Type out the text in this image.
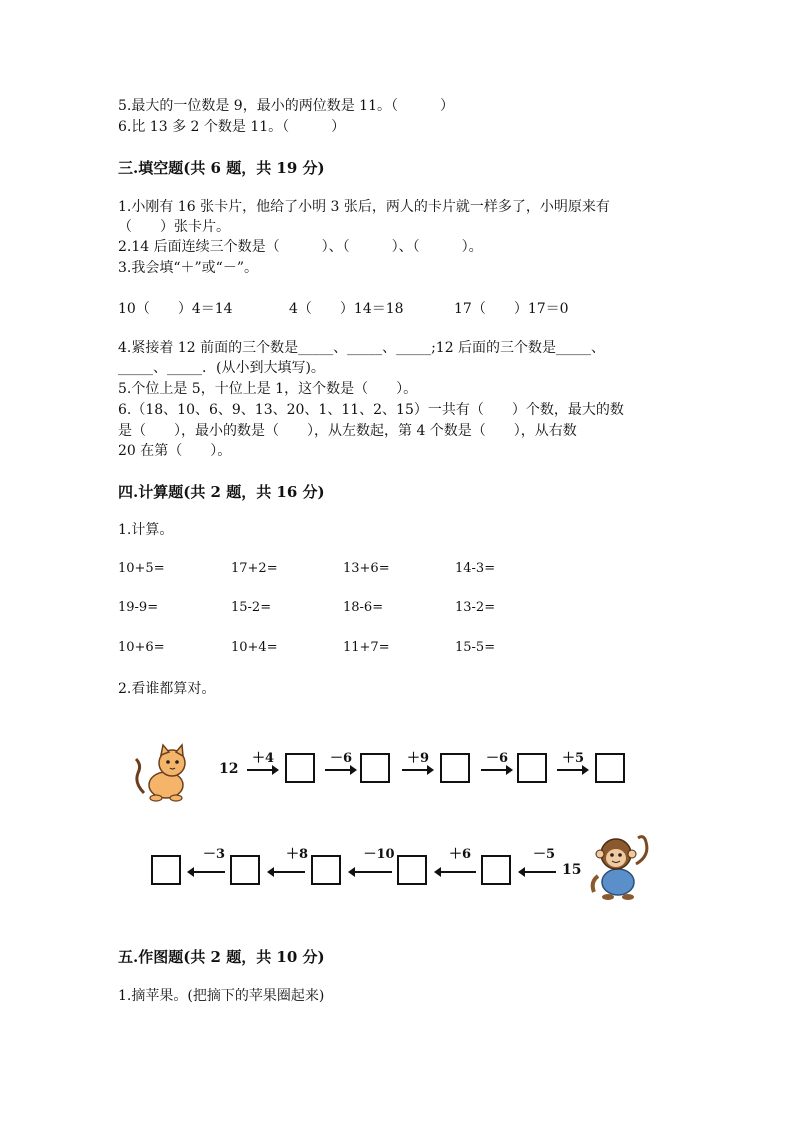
5.最大的一位数是 9，最小的两位数是 11。（　　　）
6.比 13 多 2 个数是 11。（　　　）
三.填空题(共 6 题，共 19 分)
1.小刚有 16 张卡片，他给了小明 3 张后，两人的卡片就一样多了，小明原来有
（　　）张卡片。
2.14 后面连续三个数是（　　　）、（　　　）、（　　　）。
3.我会填“＋”或“－”。
10（　　）4＝14	4（　　）14＝18	17（　　）17＝0
4.紧接着 12 前面的三个数是_____、_____、_____;12 后面的三个数是_____、
_____、_____．(从小到大填写)。
5.个位上是 5，十位上是 1，这个数是（　　）。
6.（18、10、6、9、13、20、1、11、2、15）一共有（　　）个数，最大的数
是（　　），最小的数是（　　），从左数起，第 4 个数是（　　），从右数
20 在第（　　）。
四.计算题(共 2 题，共 16 分)
1.计算。
10+5=	17+2=	13+6=	14-3=
19-9=	15-2=	18-6=	13-2=
10+6=	10+4=	11+7=	15-5=
2.看谁都算对。
12
＋4	－6	＋9	－6	＋5
－3	＋8	－10	＋6	－5
15
五.作图题(共 2 题，共 10 分)
1.摘苹果。(把摘下的苹果圈起来)
